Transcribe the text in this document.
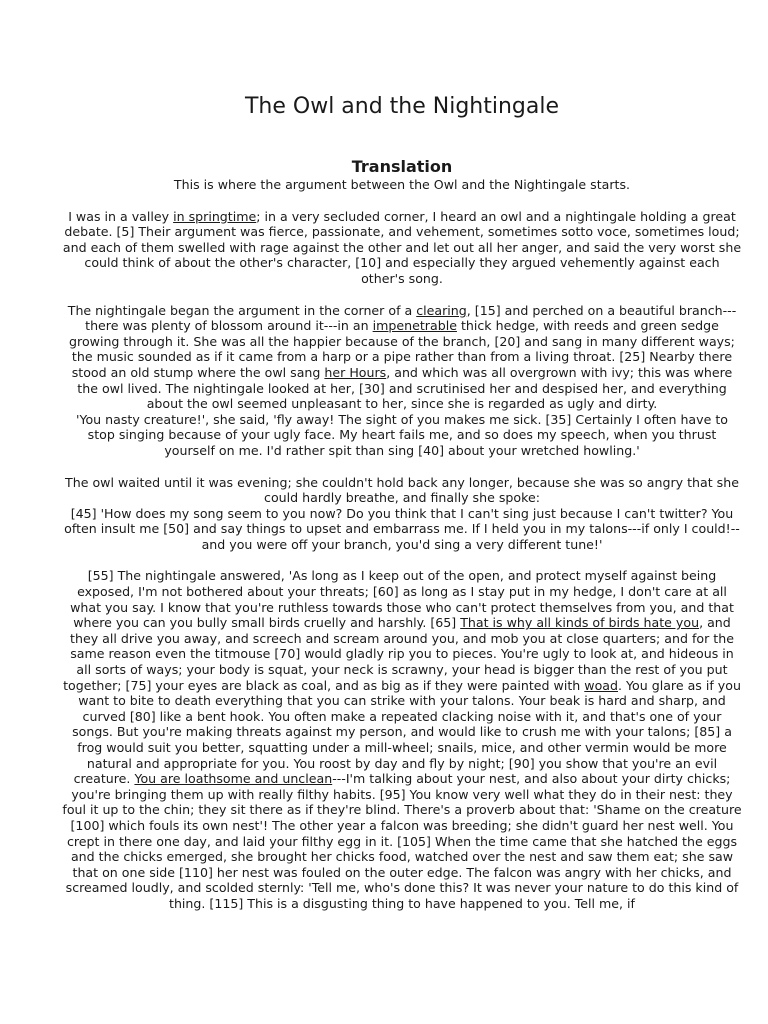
The Owl and the Nightingale
Translation

This is where the argument between the Owl and the Nightingale starts.

I was in a valley in springtime; in a very secluded corner, I heard an owl and a nightingale holding a great debate. [5] Their argument was fierce, passionate, and vehement, sometimes sotto voce, sometimes loud; and each of them swelled with rage against the other and let out all her anger, and said the very worst she could think of about the other's character, [10] and especially they argued vehemently against each other's song.

The nightingale began the argument in the corner of a clearing, [15] and perched on a beautiful branch---there was plenty of blossom around it---in an impenetrable thick hedge, with reeds and green sedge growing through it. She was all the happier because of the branch, [20] and sang in many different ways; the music sounded as if it came from a harp or a pipe rather than from a living throat. [25] Nearby there stood an old stump where the owl sang her Hours, and which was all overgrown with ivy; this was where the owl lived. The nightingale looked at her, [30] and scrutinised her and despised her, and everything about the owl seemed unpleasant to her, since she is regarded as ugly and dirty.
'You nasty creature!', she said, 'fly away! The sight of you makes me sick. [35] Certainly I often have to stop singing because of your ugly face. My heart fails me, and so does my speech, when you thrust yourself on me. I'd rather spit than sing [40] about your wretched howling.'

The owl waited until it was evening; she couldn't hold back any longer, because she was so angry that she could hardly breathe, and finally she spoke:
[45] 'How does my song seem to you now? Do you think that I can't sing just because I can't twitter? You often insult me [50] and say things to upset and embarrass me. If I held you in my talons---if only I could!--and you were off your branch, you'd sing a very different tune!'

[55] The nightingale answered, 'As long as I keep out of the open, and protect myself against being exposed, I'm not bothered about your threats; [60] as long as I stay put in my hedge, I don't care at all what you say. I know that you're ruthless towards those who can't protect themselves from you, and that where you can you bully small birds cruelly and harshly. [65] That is why all kinds of birds hate you, and they all drive you away, and screech and scream around you, and mob you at close quarters; and for the same reason even the titmouse [70] would gladly rip you to pieces. You're ugly to look at, and hideous in all sorts of ways; your body is squat, your neck is scrawny, your head is bigger than the rest of you put together; [75] your eyes are black as coal, and as big as if they were painted with woad. You glare as if you want to bite to death everything that you can strike with your talons. Your beak is hard and sharp, and curved [80] like a bent hook. You often make a repeated clacking noise with it, and that's one of your songs. But you're making threats against my person, and would like to crush me with your talons; [85] a frog would suit you better, squatting under a mill-wheel; snails, mice, and other vermin would be more natural and appropriate for you. You roost by day and fly by night; [90] you show that you're an evil creature. You are loathsome and unclean---I'm talking about your nest, and also about your dirty chicks; you're bringing them up with really filthy habits. [95] You know very well what they do in their nest: they foul it up to the chin; they sit there as if they're blind. There's a proverb about that: 'Shame on the creature [100] which fouls its own nest'! The other year a falcon was breeding; she didn't guard her nest well. You crept in there one day, and laid your filthy egg in it. [105] When the time came that she hatched the eggs and the chicks emerged, she brought her chicks food, watched over the nest and saw them eat; she saw that on one side [110] her nest was fouled on the outer edge. The falcon was angry with her chicks, and screamed loudly, and scolded sternly: 'Tell me, who's done this? It was never your nature to do this kind of thing. [115] This is a disgusting thing to have happened to you. Tell me, if
